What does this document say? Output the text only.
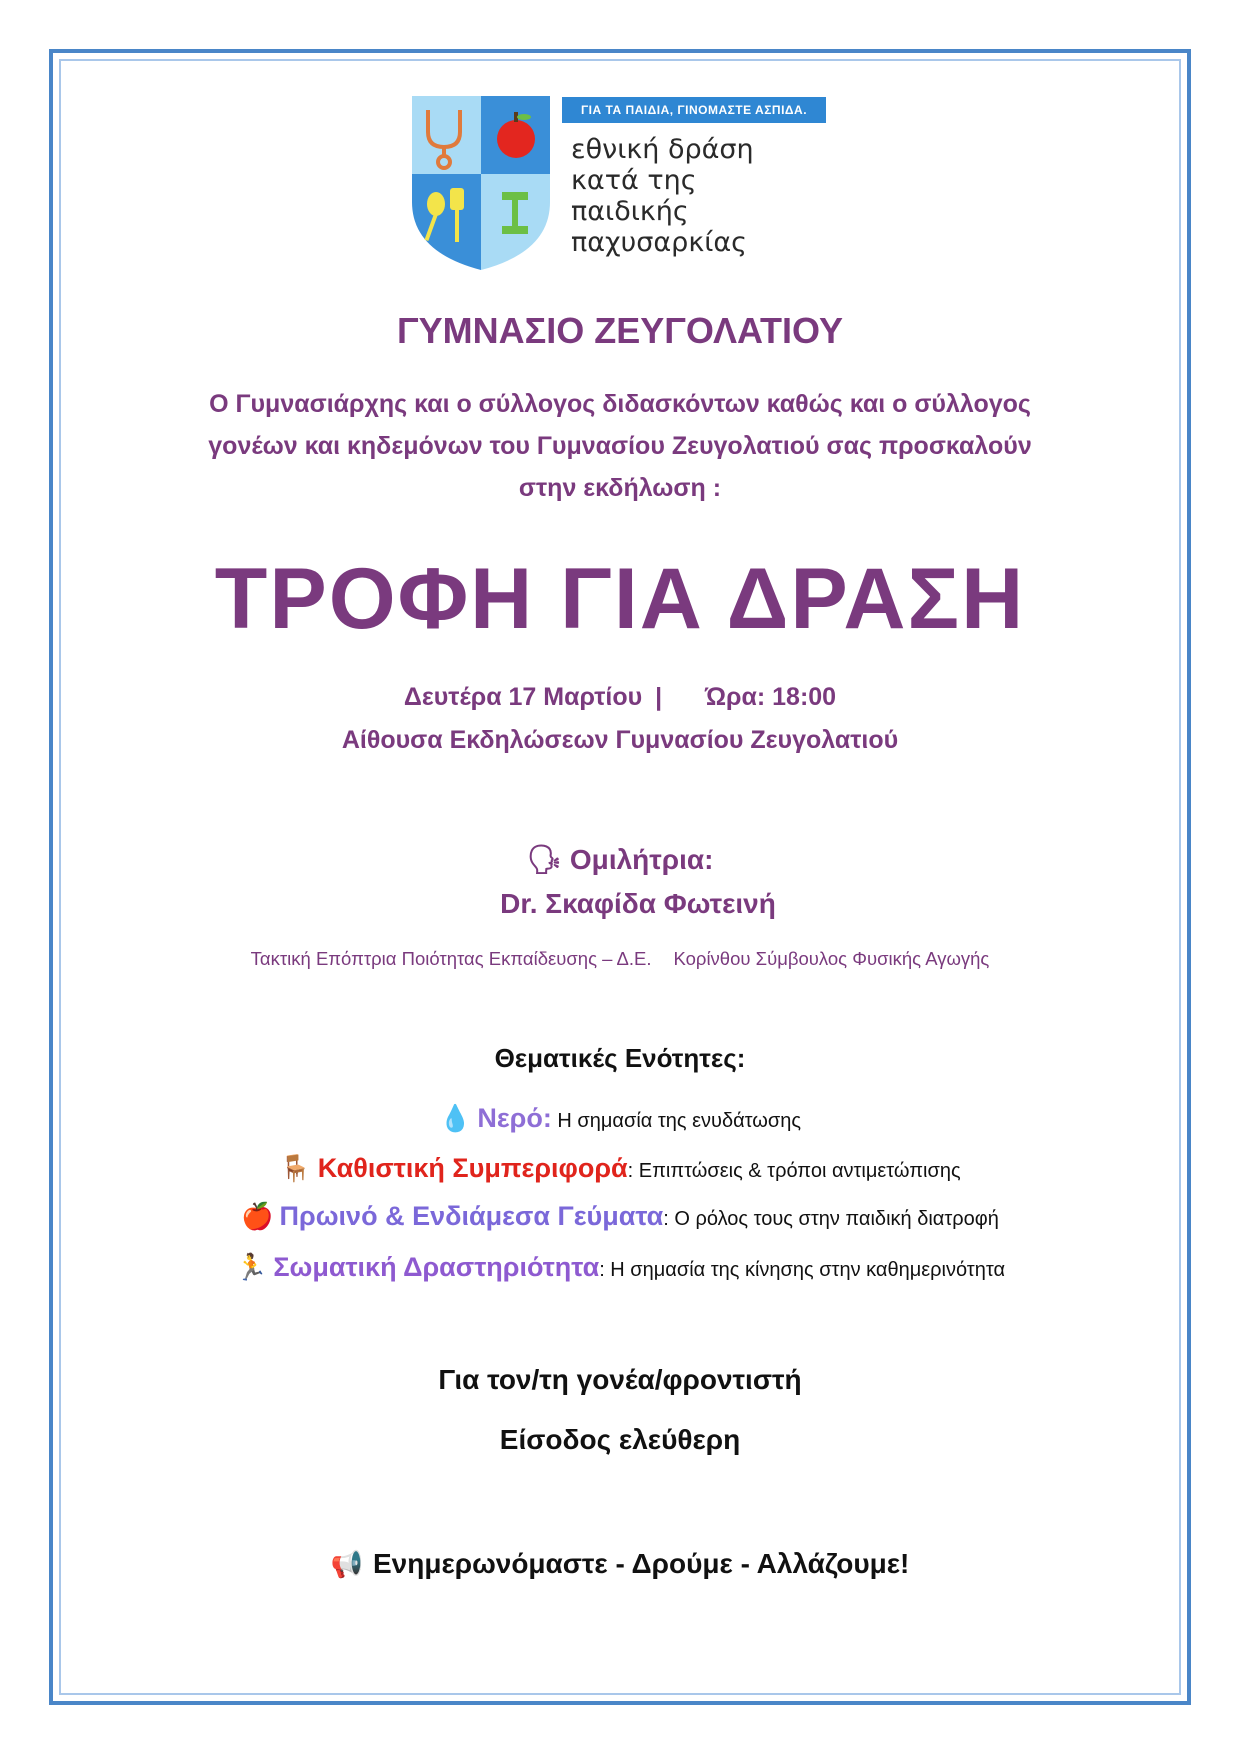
ΓΙΑ ΤΑ ΠΑΙΔΙΑ, ΓΙΝΟΜΑΣΤΕ ΑΣΠΙΔΑ.
εθνική δράση
κατά της
παιδικής
παχυσαρκίας
ΓΥΜΝΑΣΙΟ ΖΕΥΓΟΛΑΤΙΟΥ
Ο Γυμνασιάρχης και ο σύλλογος διδασκόντων καθώς και ο σύλλογος
γονέων και κηδεμόνων του Γυμνασίου Ζευγολατιού σας προσκαλούν
στην εκδήλωση :
ΤΡΟΦΗ ΓΙΑ ΔΡΑΣΗ
Δευτέρα 17 Μαρτίου | Ώρα: 18:00
Αίθουσα Εκδηλώσεων Γυμνασίου Ζευγολατιού
🗣 Ομιλήτρια:
Dr. Σκαφίδα Φωτεινή
Τακτική Επόπτρια Ποιότητας Εκπαίδευσης – Δ.Ε. Κορίνθου Σύμβουλος Φυσικής Αγωγής
Θεματικές Ενότητες:
💧 Νερό: Η σημασία της ενυδάτωσης
🪑 Καθιστική Συμπεριφορά: Επιπτώσεις & τρόποι αντιμετώπισης
🍎 Πρωινό & Ενδιάμεσα Γεύματα: Ο ρόλος τους στην παιδική διατροφή
🏃 Σωματική Δραστηριότητα: Η σημασία της κίνησης στην καθημερινότητα
Για τον/τη γονέα/φροντιστή
Είσοδος ελεύθερη
📢 Ενημερωνόμαστε - Δρούμε - Αλλάζουμε!
